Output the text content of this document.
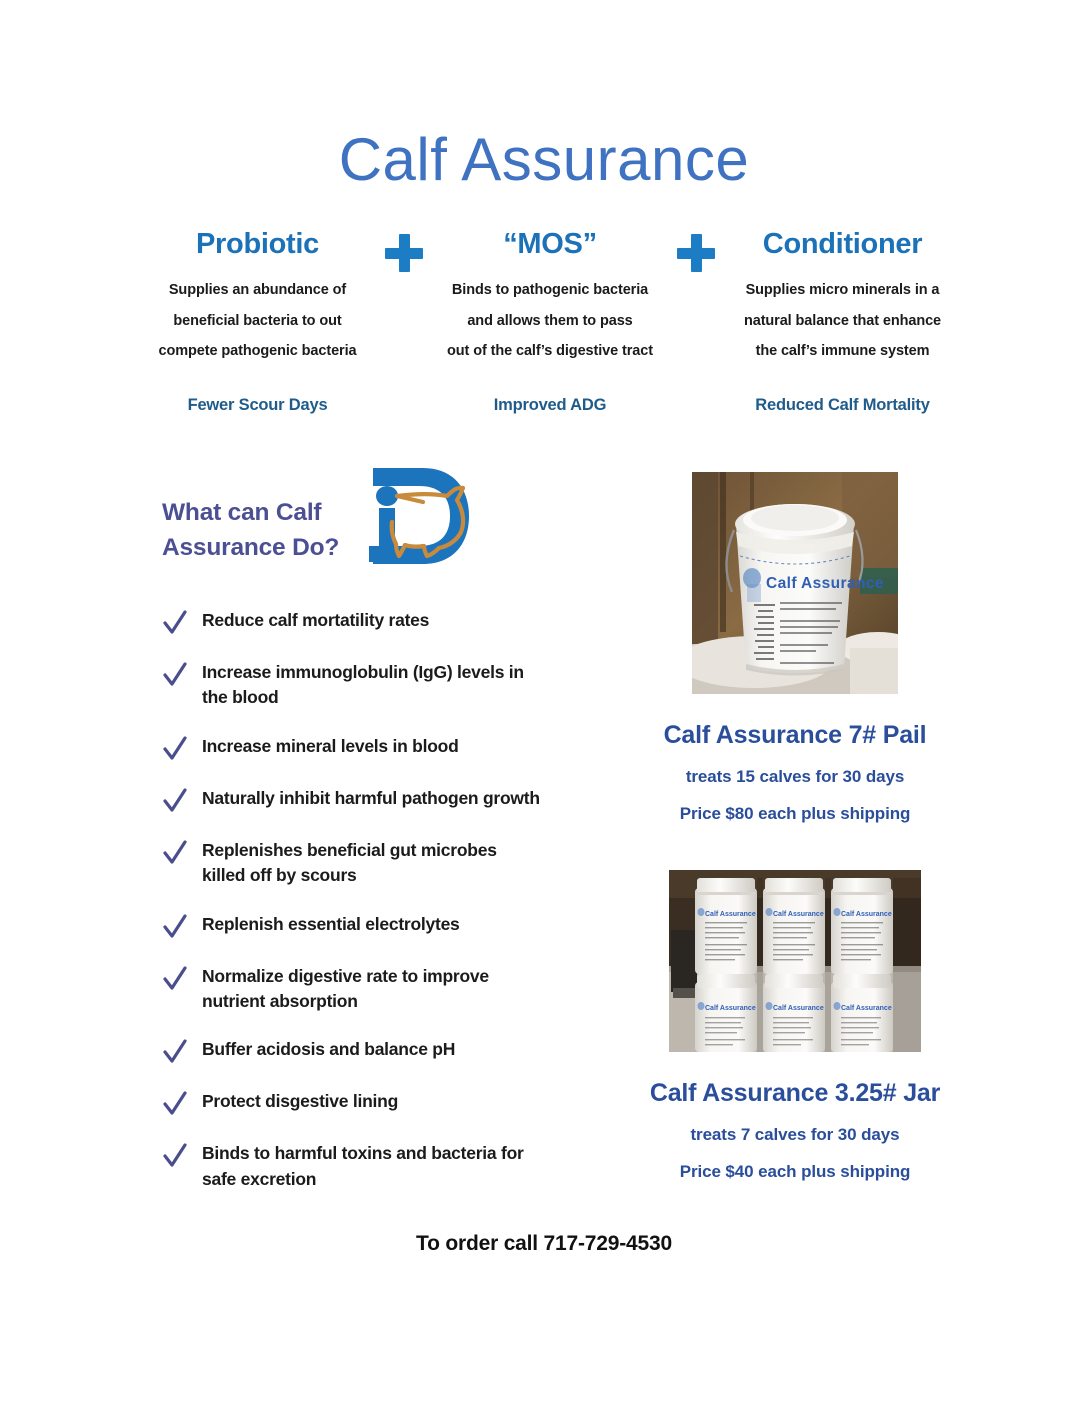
Calf Assurance
Probiotic
Supplies an abundance of
beneficial bacteria to out
compete pathogenic bacteria
“MOS”
Binds to pathogenic bacteria
and allows them to pass
out of the calf’s digestive tract
Conditioner
Supplies micro minerals in a
natural balance that enhance
the calf’s immune system
Fewer Scour Days	Improved ADG	Reduced Calf Mortality
What can Calf
Assurance Do?
Reduce calf mortatility rates
Increase immunoglobulin (IgG) levels in the blood
Increase mineral levels in blood
Naturally inhibit harmful pathogen growth
Replenishes beneficial gut microbes killed off by scours
Replenish essential electrolytes
Normalize digestive rate to improve nutrient absorption
Buffer acidosis and balance pH
Protect disgestive lining
Binds to harmful toxins and bacteria for safe excretion
Calf Assurance
Calf Assurance 7# Pail
treats 15 calves for 30 days
Price $80 each plus shipping
Calf Assurance Calf Assurance Calf Assurance
Calf Assurance Calf Assurance Calf Assurance
Calf Assurance 3.25# Jar
treats 7 calves for 30 days
Price $40 each plus shipping
To order call 717-729-4530
